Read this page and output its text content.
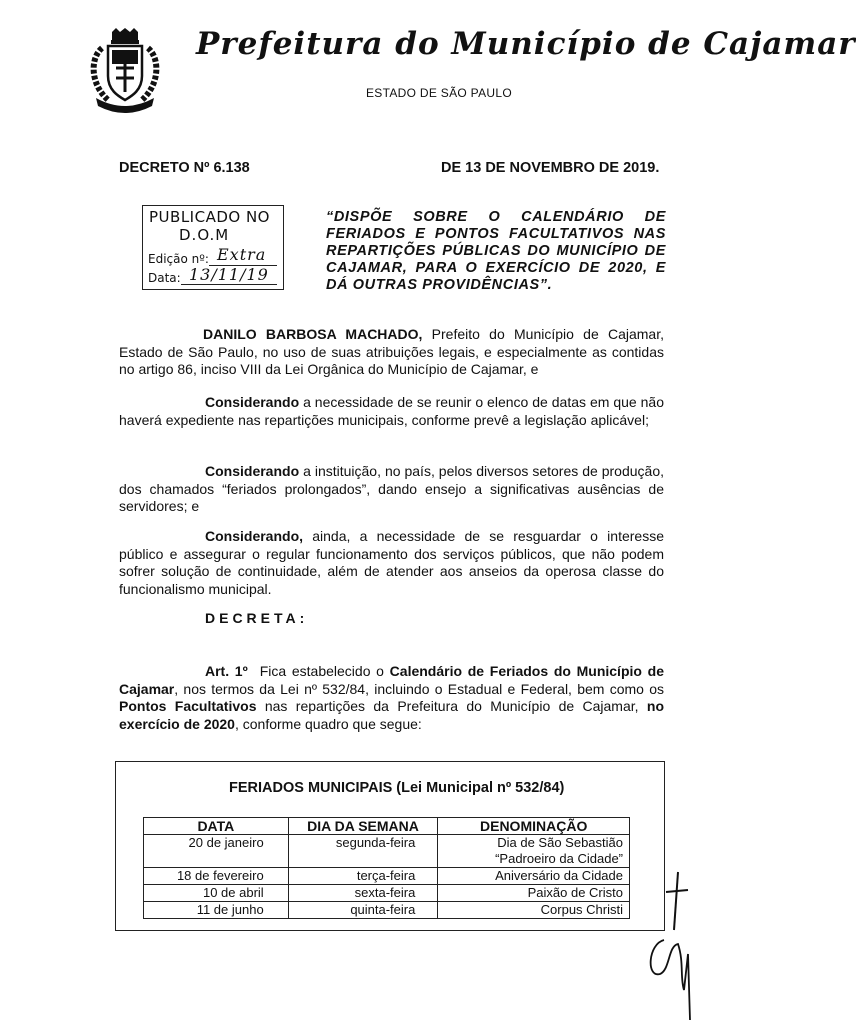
Prefeitura do Município de Cajamar
ESTADO DE SÃO PAULO
DECRETO Nº 6.138	DE 13 DE NOVEMBRO DE 2019.
PUBLICADO NO
D.O.M
Edição nº: Extra
Data: 13/11/19
“DISPÕE SOBRE O CALENDÁRIO DE FERIADOS E PONTOS FACULTATIVOS NAS REPARTIÇÕES PÚBLICAS DO MUNICÍPIO DE CAJAMAR, PARA O EXERCÍCIO DE 2020, E DÁ OUTRAS PROVIDÊNCIAS”.
DANILO BARBOSA MACHADO, Prefeito do Município de Cajamar, Estado de São Paulo, no uso de suas atribuições legais, e especialmente as contidas no artigo 86, inciso VIII da Lei Orgânica do Município de Cajamar, e
Considerando a necessidade de se reunir o elenco de datas em que não haverá expediente nas repartições municipais, conforme prevê a legislação aplicável;
Considerando a instituição, no país, pelos diversos setores de produção, dos chamados “feriados prolongados”, dando ensejo a significativas ausências de servidores; e
Considerando, ainda, a necessidade de se resguardar o interesse público e assegurar o regular funcionamento dos serviços públicos, que não podem sofrer solução de continuidade, além de atender aos anseios da operosa classe do funcionalismo municipal.
DECRETA:
Art. 1º Fica estabelecido o Calendário de Feriados do Município de Cajamar, nos termos da Lei nº 532/84, incluindo o Estadual e Federal, bem como os Pontos Facultativos nas repartições da Prefeitura do Município de Cajamar, no exercício de 2020, conforme quadro que segue:
FERIADOS MUNICIPAIS (Lei Municipal nº 532/84)
DATA	DIA DA SEMANA	DENOMINAÇÃO
20 de janeiro	segunda-feira	Dia de São Sebastião
“Padroeiro da Cidade”

18 de fevereiro	terça-feira	Aniversário da Cidade
10 de abril	sexta-feira	Paixão de Cristo
11 de junho	quinta-feira	Corpus Christi
